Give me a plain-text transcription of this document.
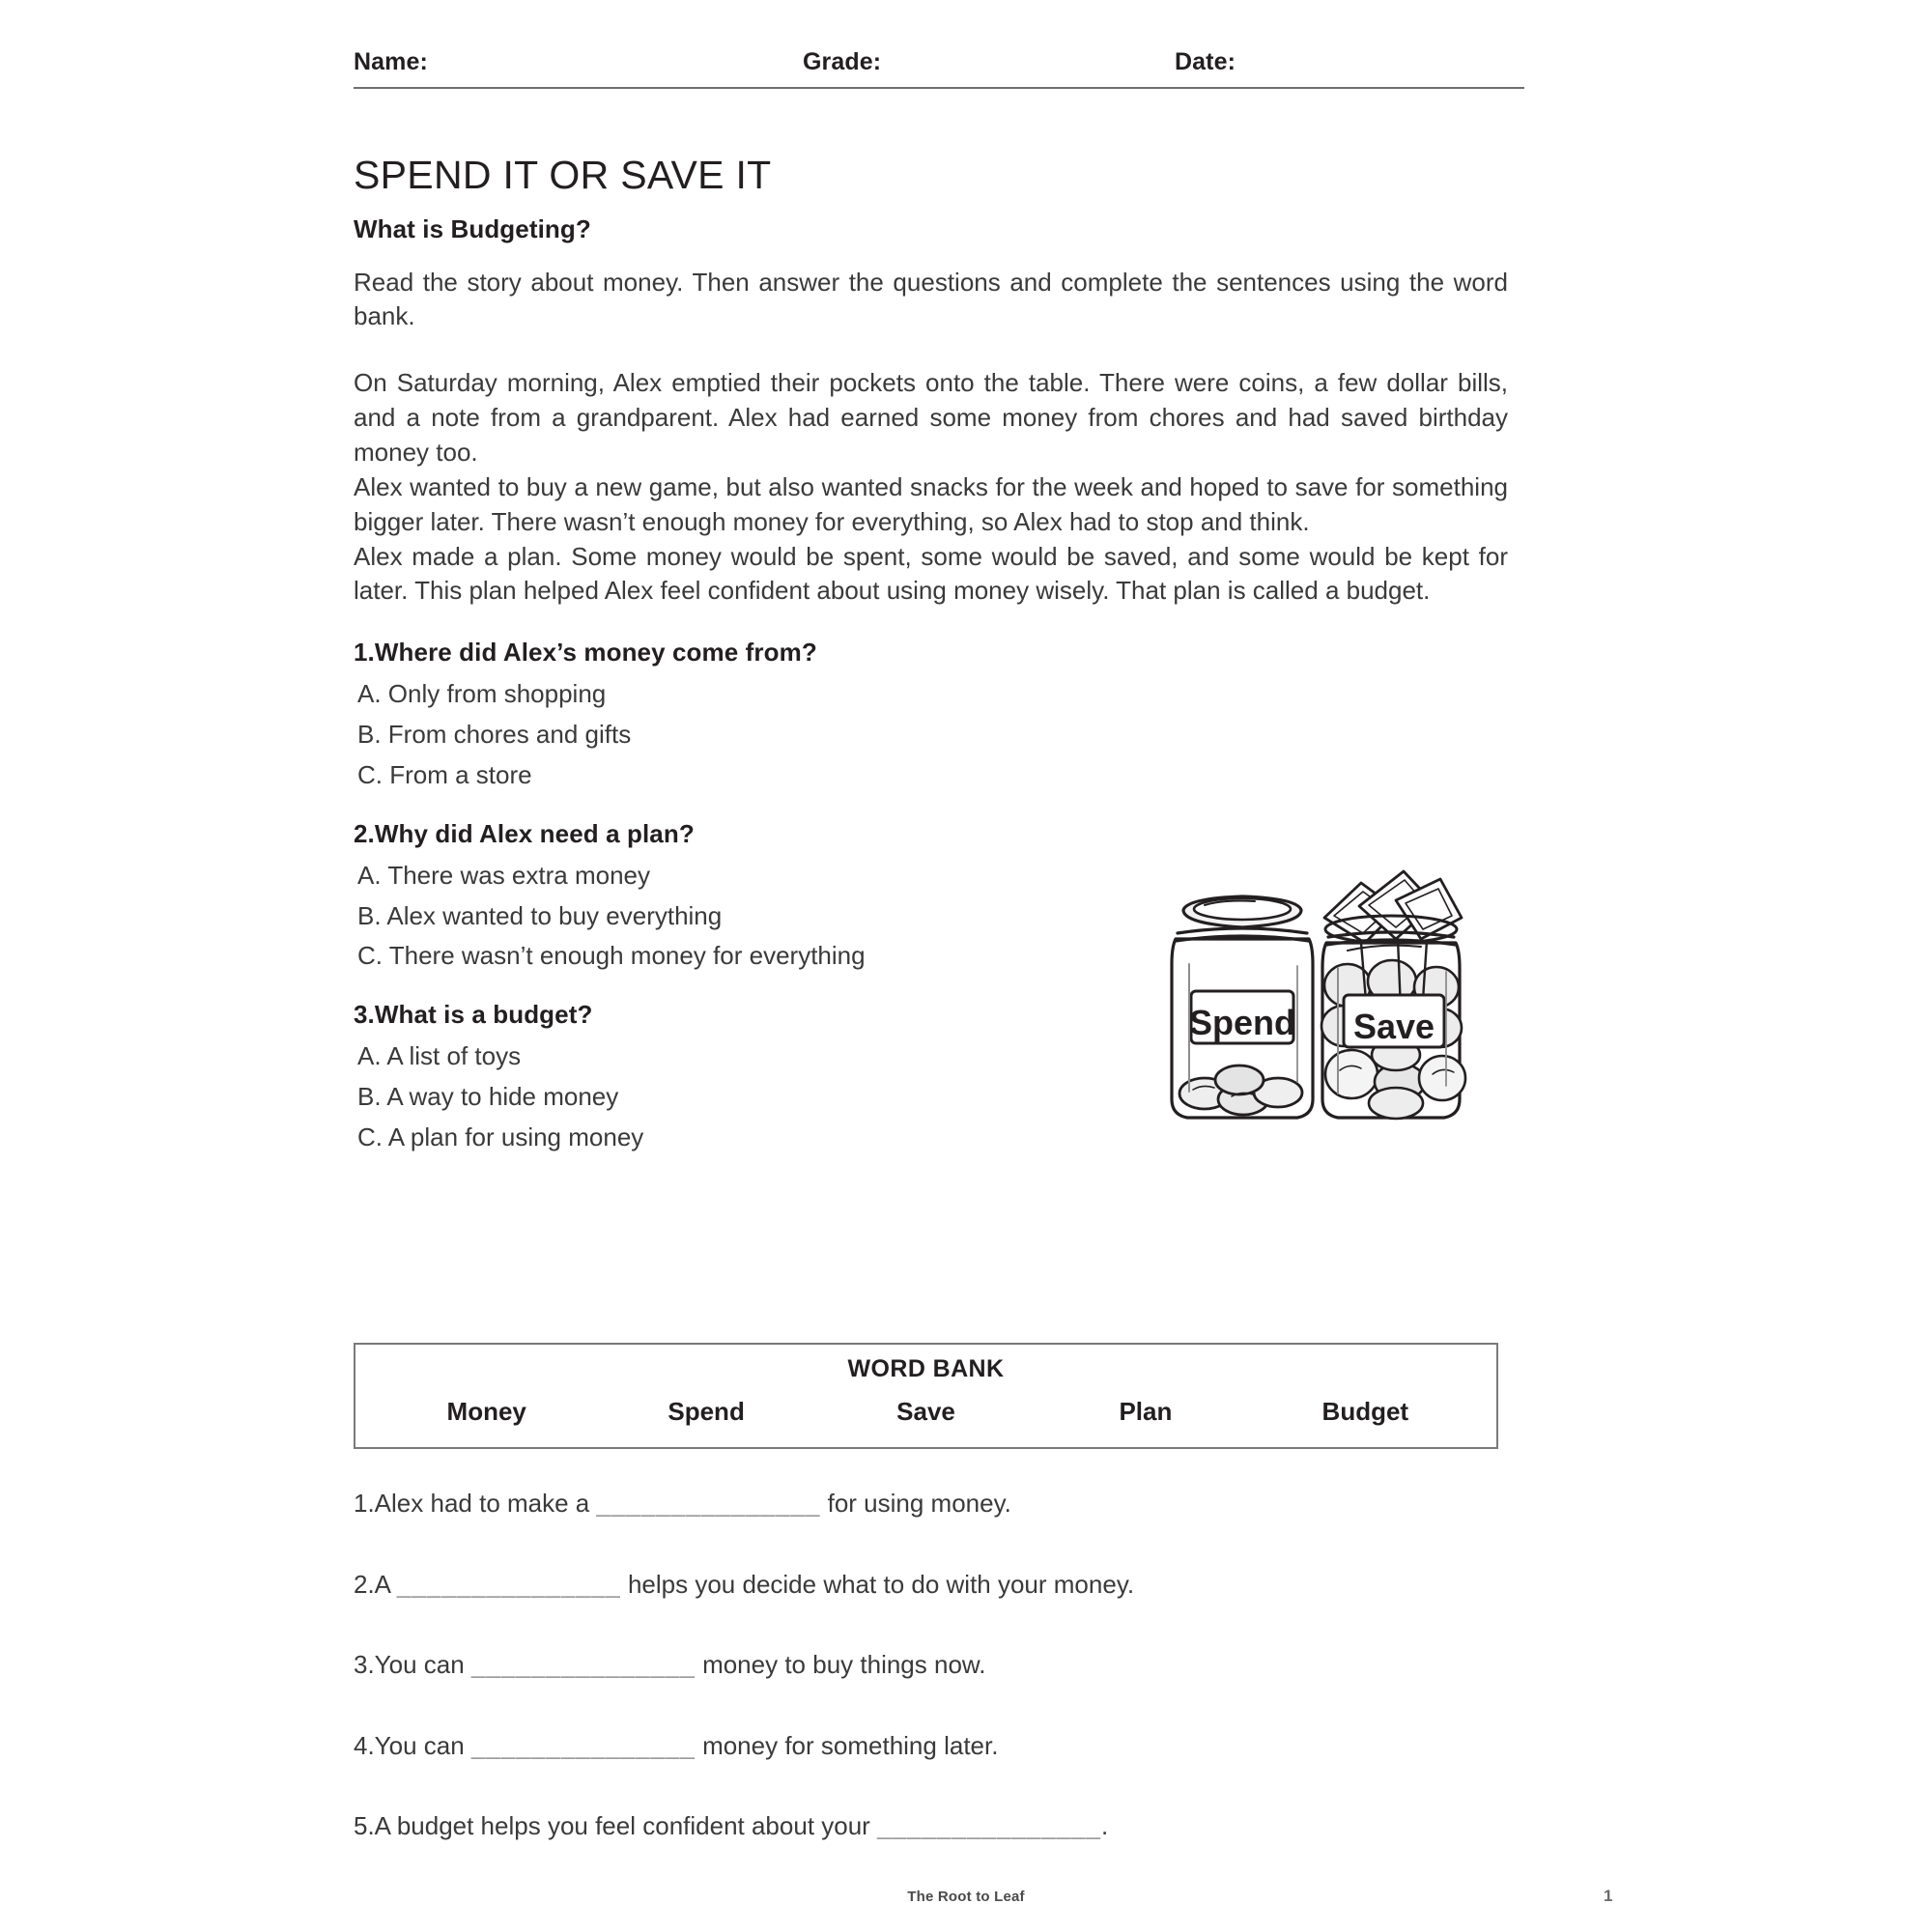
Name:	Grade:	Date:
SPEND IT OR SAVE IT
What is Budgeting?
Read the story about money. Then answer the questions and complete the sentences using the word bank.

On Saturday morning, Alex emptied their pockets onto the table. There were coins, a few dollar bills, and a note from a grandparent. Alex had earned some money from chores and had saved birthday money too.

Alex wanted to buy a new game, but also wanted snacks for the week and hoped to save for something bigger later. There wasn’t enough money for everything, so Alex had to stop and think.

Alex made a plan. Some money would be spent, some would be saved, and some would be kept for later. This plan helped Alex feel confident about using money wisely. That plan is called a budget.

1.Where did Alex’s money come from?
A. Only from shopping
B. From chores and gifts
C. From a store
2.Why did Alex need a plan?
A. There was extra money
B. Alex wanted to buy everything
C. There wasn’t enough money for everything
3.What is a budget?
A. A list of toys
B. A way to hide money
C. A plan for using money
Spend Save
WORD BANK
Money	Spend	Save	Plan	Budget
1.Alex had to make a _______________ for using money.
2.A _______________ helps you decide what to do with your money.
3.You can _______________ money to buy things now.
4.You can _______________ money for something later.
5.A budget helps you feel confident about your _______________.
The Root to Leaf	1
